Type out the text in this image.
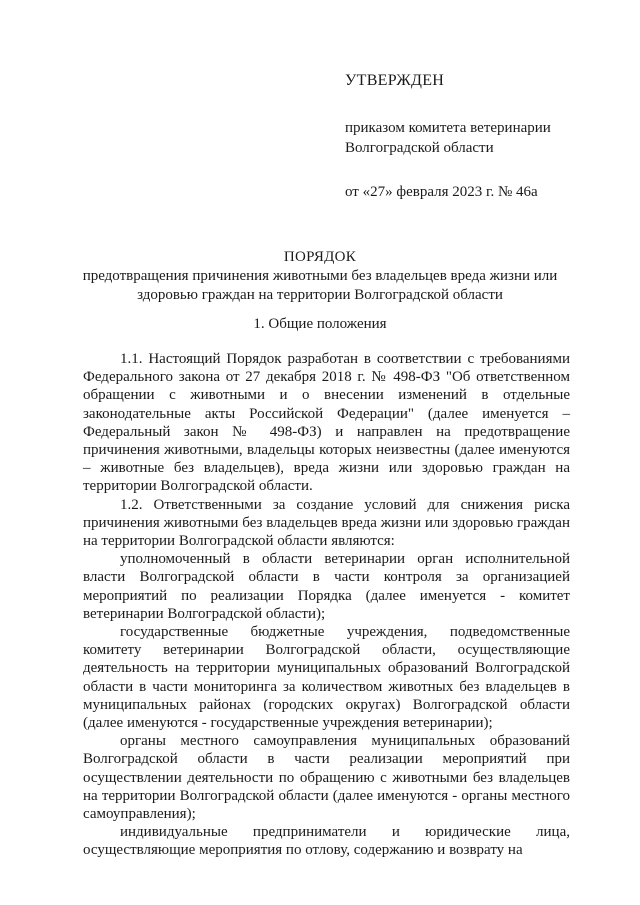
УТВЕРЖДЕН
приказом комитета ветеринарии
Волгоградской области
от «27» февраля 2023 г. № 46а
ПОРЯДОК
предотвращения причинения животными без владельцев вреда жизни или
здоровью граждан на территории Волгоградской области
1. Общие положения

1.1. Настоящий Порядок разработан в соответствии с требованиями Федерального закона от 27 декабря 2018 г. № 498-ФЗ "Об ответственном обращении с животными и о внесении изменений в отдельные законодательные акты Российской Федерации" (далее именуется – Федеральный закон № 498-ФЗ) и направлен на предотвращение причинения животными, владельцы которых неизвестны (далее именуются – животные без владельцев), вреда жизни или здоровью граждан на территории Волгоградской области.

1.2. Ответственными за создание условий для снижения риска причинения животными без владельцев вреда жизни или здоровью граждан на территории Волгоградской области являются:

уполномоченный в области ветеринарии орган исполнительной власти Волгоградской области в части контроля за организацией мероприятий по реализации Порядка (далее именуется - комитет ветеринарии Волгоградской области);

государственные бюджетные учреждения, подведомственные комитету ветеринарии Волгоградской области, осуществляющие деятельность на территории муниципальных образований Волгоградской области в части мониторинга за количеством животных без владельцев в муниципальных районах (городских округах) Волгоградской области (далее именуются - государственные учреждения ветеринарии);

органы местного самоуправления муниципальных образований Волгоградской области в части реализации мероприятий при осуществлении деятельности по обращению с животными без владельцев на территории Волгоградской области (далее именуются - органы местного самоуправления);

индивидуальные предприниматели и юридические лица, осуществляющие мероприятия по отлову, содержанию и возврату на
